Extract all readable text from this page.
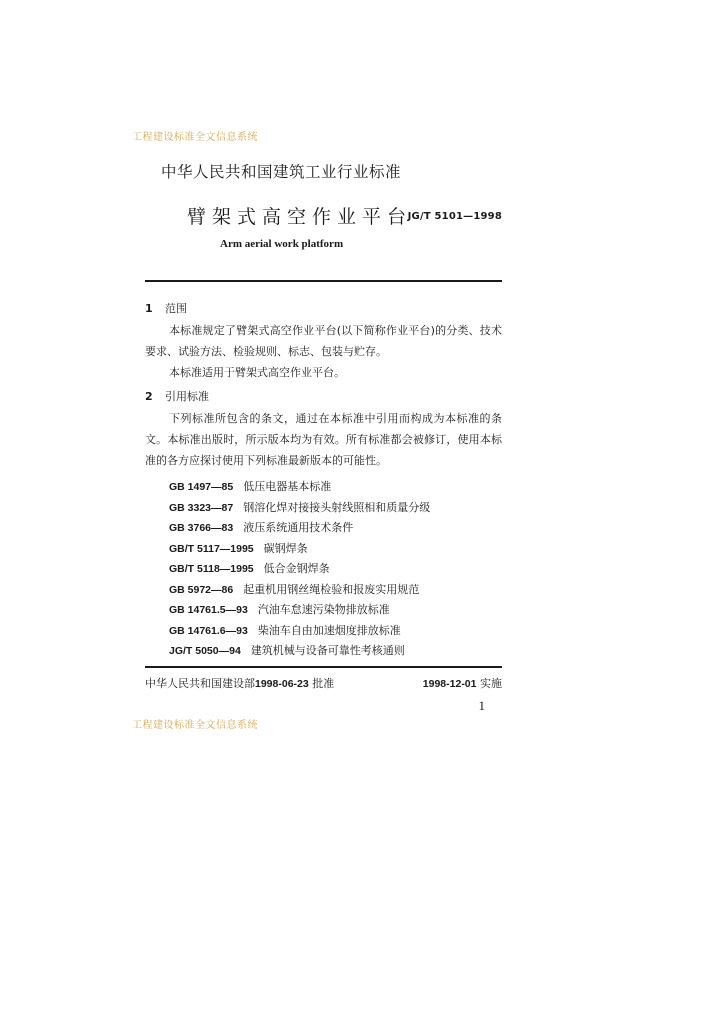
工程建设标准全文信息系统
中华人民共和国建筑工业行业标准
臂架式高空作业平台
JG/T 5101—1998
Arm aerial work platform
1 范围
本标准规定了臂架式高空作业平台(以下简称作业平台)的分类、技术要求、试验方法、检验规则、标志、包装与贮存。
本标准适用于臂架式高空作业平台。
2 引用标准
下列标准所包含的条文，通过在本标准中引用而构成为本标准的条文。本标准出版时，所示版本均为有效。所有标准都会被修订，使用本标准的各方应探讨使用下列标准最新版本的可能性。
GB 1497—85 低压电器基本标准
GB 3323—87 钢溶化焊对接接头射线照相和质量分级
GB 3766—83 液压系统通用技术条件
GB/T 5117—1995 碳钢焊条
GB/T 5118—1995 低合金钢焊条
GB 5972—86 起重机用钢丝绳检验和报废实用规范
GB 14761.5—93 汽油车怠速污染物排放标准
GB 14761.6—93 柴油车自由加速烟度排放标准
JG/T 5050—94 建筑机械与设备可靠性考核通则
中华人民共和国建设部1998-06-23 批准	1998-12-01 实施
1
工程建设标准全文信息系统
